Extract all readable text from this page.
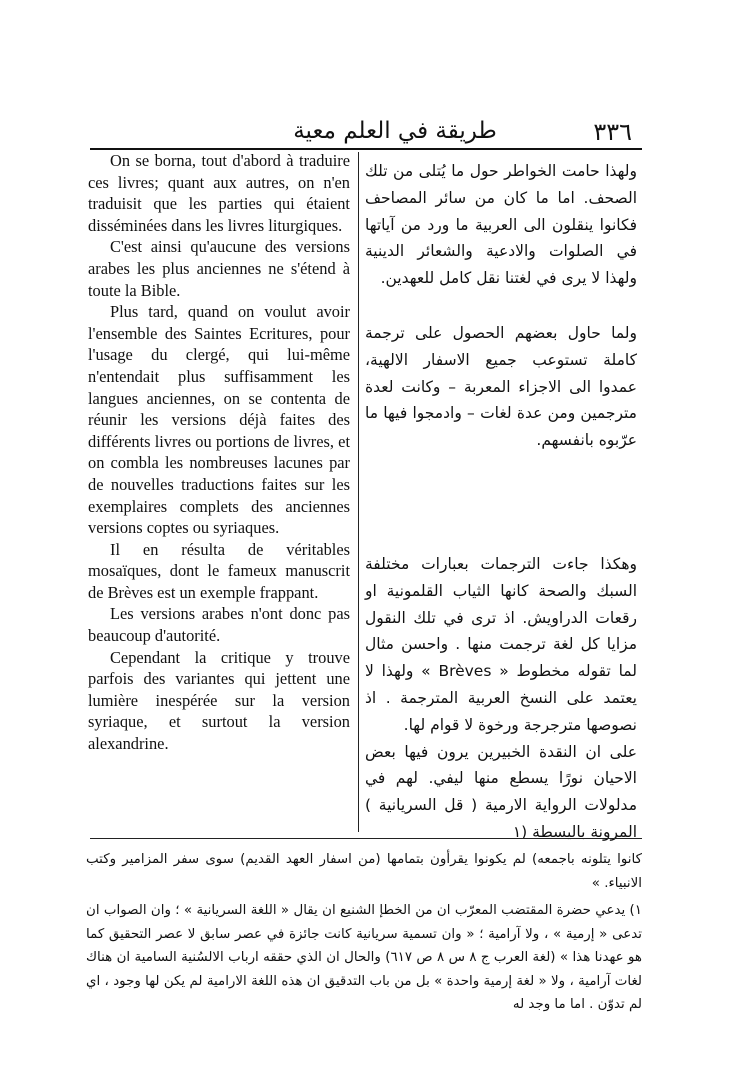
طريقة في العلم معية	٣٣٦

On se borna, tout d'abord à traduire ces livres; quant aux autres, on n'en traduisit que les parties qui étaient disséminées dans les livres liturgiques.

C'est ainsi qu'aucune des versions arabes les plus anciennes ne s'étend à toute la Bible.

Plus tard, quand on voulut avoir l'ensemble des Saintes Ecritures, pour l'usage du clergé, qui lui-même n'entendait plus suffisamment les langues anciennes, on se contenta de réunir les versions déjà faites des différents livres ou portions de livres, et on combla les nombreuses lacunes par de nouvelles traductions faites sur les exemplaires complets des anciennes versions coptes ou syriaques.

Il en résulta de véritables mosaïques, dont le fameux manuscrit de Brèves est un exemple frappant.

Les versions arabes n'ont donc pas beaucoup d'autorité.

Cependant la critique y trouve parfois des variantes qui jettent une lumière inespérée sur la version syriaque, et surtout la version alexandrine.

ولهذا حامت الخواطر حول ما يُتلى من تلك الصحف. اما ما كان من سائر المصاحف فكانوا ينقلون الى العربية ما ورد من آياتها في الصلوات والادعية والشعائر الدينية ولهذا لا يرى في لغتنا نقل كامل للعهدين.

ولما حاول بعضهم الحصول على ترجمة كاملة تستوعب جميع الاسفار الالهية، عمدوا الى الاجزاء المعربة – وكانت لعدة مترجمين ومن عدة لغات – وادمجوا فيها ما عرّبوه بانفسهم.

وهكذا جاءت الترجمات بعبارات مختلفة السبك والصحة كانها الثياب القلمونية او رقعات الدراويش. اذ ترى في تلك النقول مزايا كل لغة ترجمت منها . واحسن مثال لما تقوله مخطوط « Brèves » ولهذا لا يعتمد على النسخ العربية المترجمة . اذ نصوصها مترجرجة ورخوة لا قوام لها.

على ان النقدة الخبيرين يرون فيها بعض الاحيان نورًا يسطع منها ليفي. لهم في مدلولات الرواية الارمية ( قل السريانية ) المرونة باليسطة (١

كانوا يتلونه باجمعه) لم يكونوا يقرأون بتمامها (من اسفار العهد القديم) سوى سفر المزامير وكتب الانبياء. »

١) يدعي حضرة المقتضب المعرّب ان من الخطإ الشنيع ان يقال « اللغة السريانية » ؛ وان الصواب ان تدعى « إرمية » ، ولا آرامية ؛ « وان تسمية سريانية كانت جائزة في عصر سابق لا عصر التحقيق كما هو عهدنا هذا » (لغة العرب ج ٨ س ٨ ص ٦١٧) والحال ان الذي حققه ارباب الالسُنية السامية ان هناك لغات آرامية ، ولا « لغة إرمية واحدة » بل من باب التدقيق ان هذه اللغة الارامية لم يكن لها وجود ، اي لم تدوّن . اما ما وجد له
